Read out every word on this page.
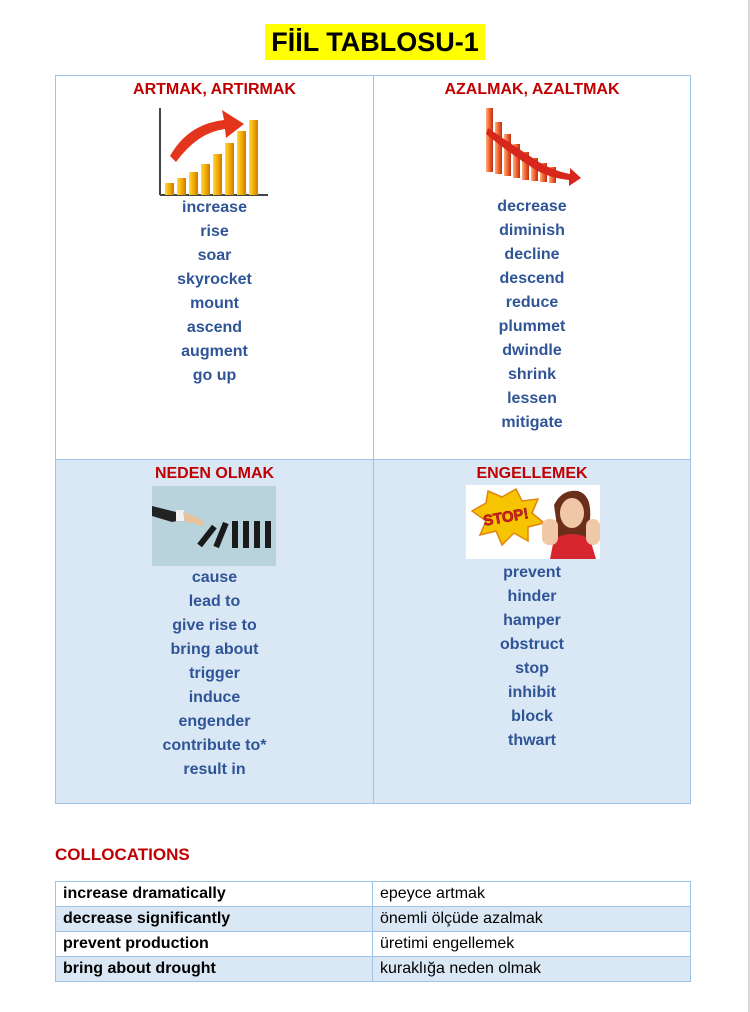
FİİL TABLOSU-1
ARTMAK, ARTIRMAK
increase
rise
soar
skyrocket
mount
ascend
augment
go up
AZALMAK, AZALTMAK
decrease
diminish
decline
descend
reduce
plummet
dwindle
shrink
lessen
mitigate
NEDEN OLMAK
cause
lead to
give rise to
bring about
trigger
induce
engender
contribute to*
result in
ENGELLEMEK
STOP!
prevent
hinder
hamper
obstruct
stop
inhibit
block
thwart
COLLOCATIONS
increase dramatically	epeyce artmak
decrease significantly	önemli ölçüde azalmak
prevent production	üretimi engellemek
bring about drought	kuraklığa neden olmak
